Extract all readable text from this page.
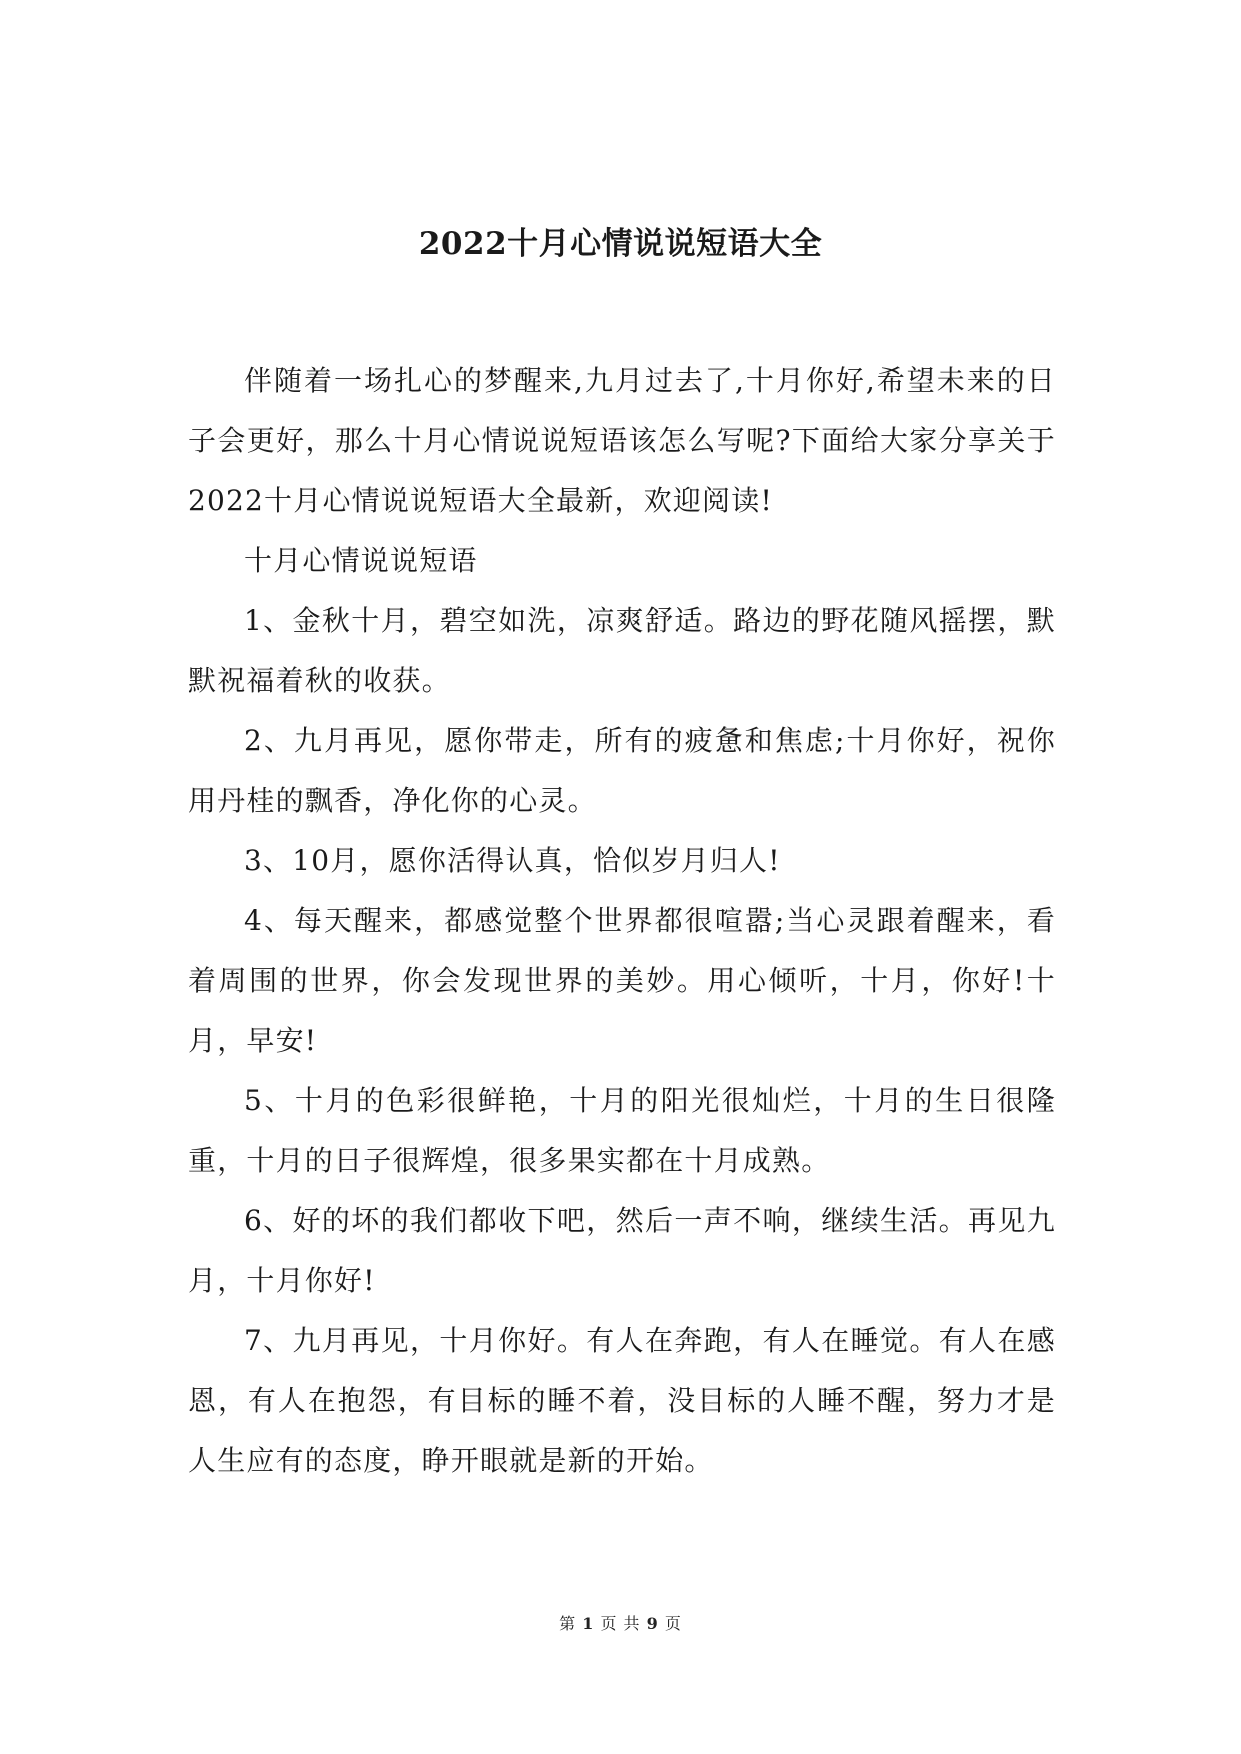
2022十月心情说说短语大全

伴随着一场扎心的梦醒来,九月过去了,十月你好,希望未来的日子会更好，那么十月心情说说短语该怎么写呢?下面给大家分享关于2022十月心情说说短语大全最新，欢迎阅读!

十月心情说说短语

1、金秋十月，碧空如洗，凉爽舒适。路边的野花随风摇摆，默默祝福着秋的收获。

2、九月再见，愿你带走，所有的疲惫和焦虑;十月你好，祝你用丹桂的飘香，净化你的心灵。

3、10月，愿你活得认真，恰似岁月归人!

4、每天醒来，都感觉整个世界都很喧嚣;当心灵跟着醒来，看着周围的世界，你会发现世界的美妙。用心倾听，十月，你好!十月，早安!

5、十月的色彩很鲜艳，十月的阳光很灿烂，十月的生日很隆重，十月的日子很辉煌，很多果实都在十月成熟。

6、好的坏的我们都收下吧，然后一声不响，继续生活。再见九月，十月你好!

7、九月再见，十月你好。有人在奔跑，有人在睡觉。有人在感恩，有人在抱怨，有目标的睡不着，没目标的人睡不醒，努力才是人生应有的态度，睁开眼就是新的开始。

第 1 页 共 9 页
